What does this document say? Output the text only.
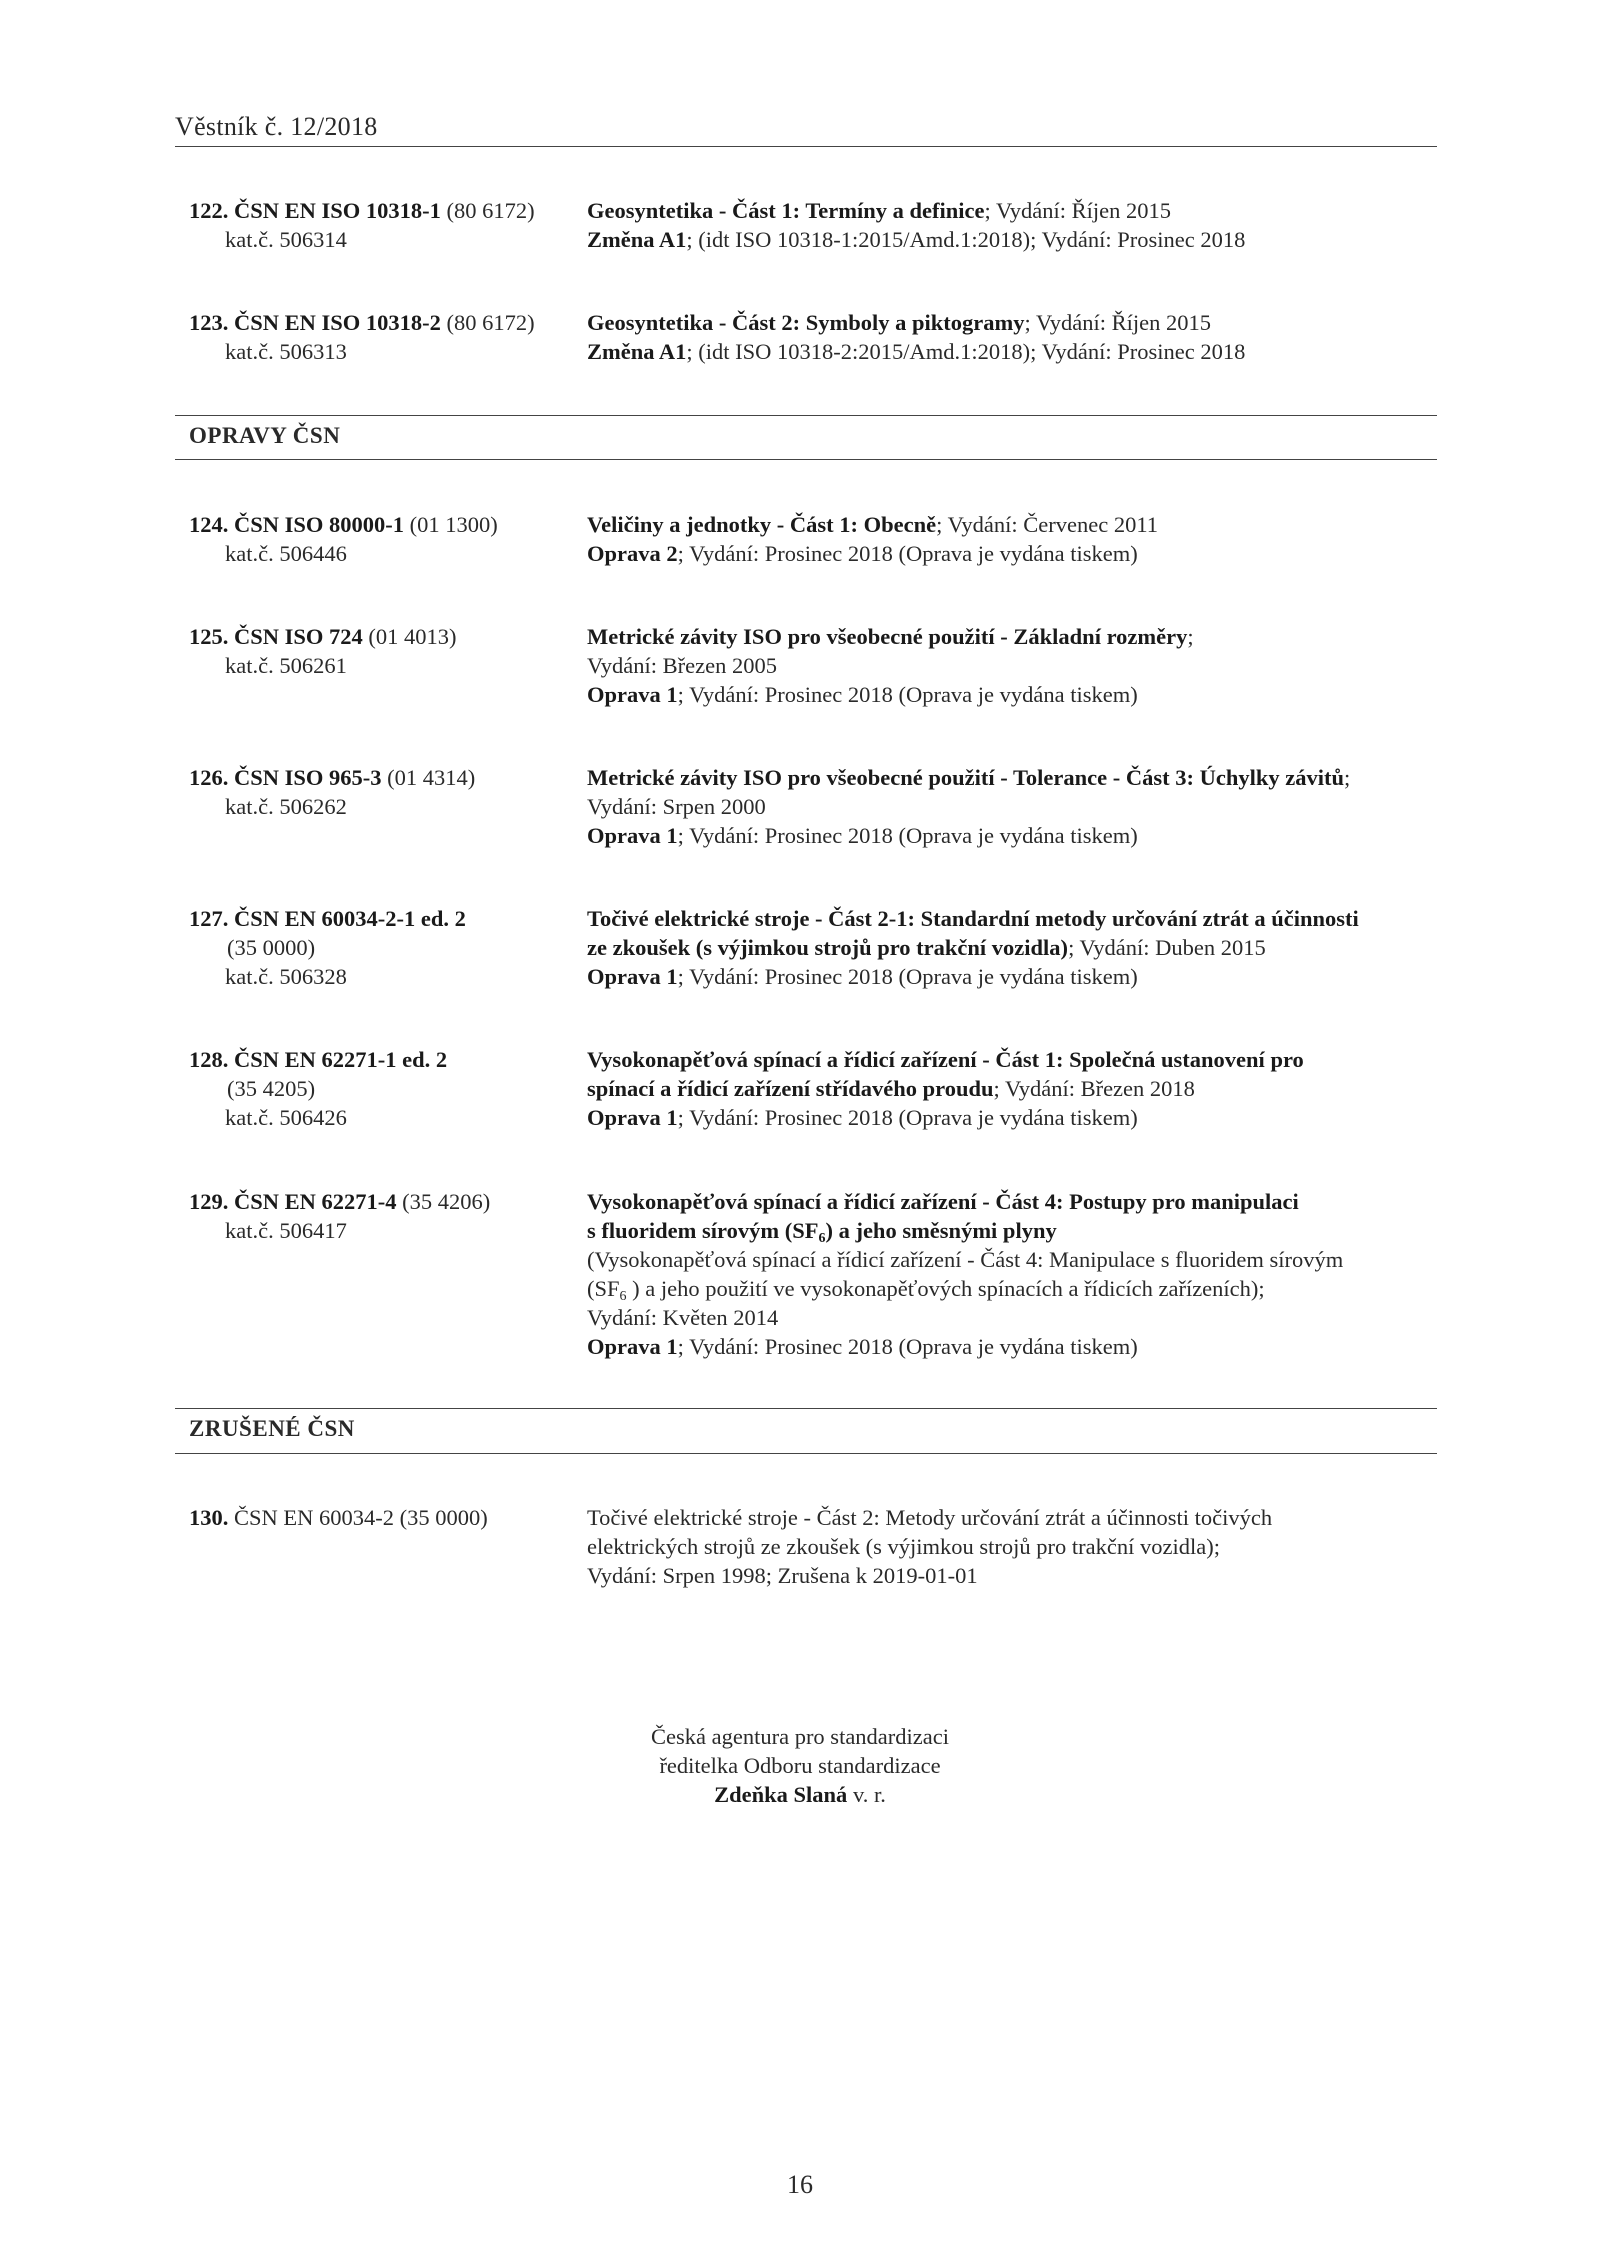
Věstník č. 12/2018
122. ČSN EN ISO 10318-1 (80 6172)
kat.č. 506314
Geosyntetika - Část 1: Termíny a definice; Vydání: Říjen 2015
Změna A1; (idt ISO 10318-1:2015/Amd.1:2018); Vydání: Prosinec 2018
123. ČSN EN ISO 10318-2 (80 6172)
kat.č. 506313
Geosyntetika - Část 2: Symboly a piktogramy; Vydání: Říjen 2015
Změna A1; (idt ISO 10318-2:2015/Amd.1:2018); Vydání: Prosinec 2018
OPRAVY ČSN
124. ČSN ISO 80000-1 (01 1300)
kat.č. 506446
Veličiny a jednotky - Část 1: Obecně; Vydání: Červenec 2011
Oprava 2; Vydání: Prosinec 2018 (Oprava je vydána tiskem)
125. ČSN ISO 724 (01 4013)
kat.č. 506261
Metrické závity ISO pro všeobecné použití - Základní rozměry;
Vydání: Březen 2005
Oprava 1; Vydání: Prosinec 2018 (Oprava je vydána tiskem)
126. ČSN ISO 965-3 (01 4314)
kat.č. 506262
Metrické závity ISO pro všeobecné použití - Tolerance - Část 3: Úchylky závitů;
Vydání: Srpen 2000
Oprava 1; Vydání: Prosinec 2018 (Oprava je vydána tiskem)
127. ČSN EN 60034-2-1 ed. 2
(35 0000)
kat.č. 506328
Točivé elektrické stroje - Část 2-1: Standardní metody určování ztrát a účinnosti
ze zkoušek (s výjimkou strojů pro trakční vozidla); Vydání: Duben 2015
Oprava 1; Vydání: Prosinec 2018 (Oprava je vydána tiskem)
128. ČSN EN 62271-1 ed. 2
(35 4205)
kat.č. 506426
Vysokonapěťová spínací a řídicí zařízení - Část 1: Společná ustanovení pro
spínací a řídicí zařízení střídavého proudu; Vydání: Březen 2018
Oprava 1; Vydání: Prosinec 2018 (Oprava je vydána tiskem)
129. ČSN EN 62271-4 (35 4206)
kat.č. 506417
Vysokonapěťová spínací a řídicí zařízení - Část 4: Postupy pro manipulaci
s fluoridem sírovým $(SF_6)$ a jeho směsnými plyny
(Vysokonapěťová spínací a řídicí zařízení - Část 4: Manipulace s fluoridem sírovým
($SF_6$ ) a jeho použití ve vysokonapěťových spínacích a řídicích zařízeních);
Vydání: Květen 2014
Oprava 1; Vydání: Prosinec 2018 (Oprava je vydána tiskem)
ZRUŠENÉ ČSN
130. ČSN EN 60034-2 (35 0000)	Točivé elektrické stroje - Část 2: Metody určování ztrát a účinnosti točivých
elektrických strojů ze zkoušek (s výjimkou strojů pro trakční vozidla);
Vydání: Srpen 1998; Zrušena k 2019-01-01
Česká agentura pro standardizaci
ředitelka Odboru standardizace
Zdeňka Slaná v. r.
16
